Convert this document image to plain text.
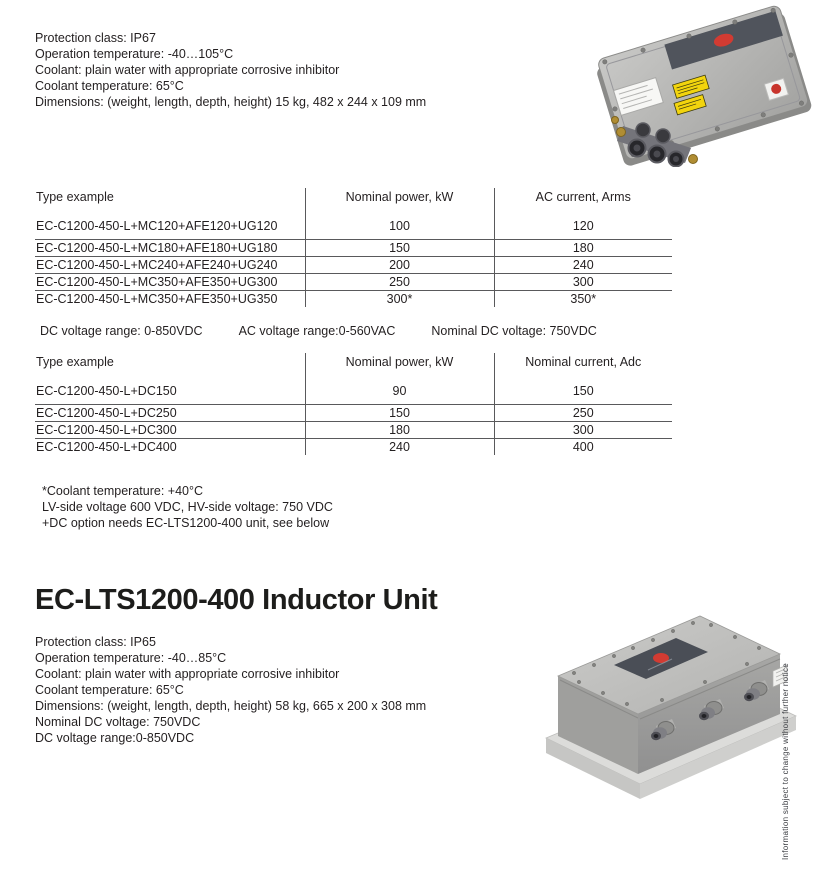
Protection class: IP67
Operation temperature: -40…105°C
Coolant: plain water with appropriate corrosive inhibitor
Coolant temperature: 65°C
Dimensions: (weight, length, depth, height) 15 kg, 482 x 244 x 109 mm
Type example	Nominal power, kW	AC current, Arms
EC-C1200-450-L+MC120+AFE120+UG120	100	120
EC-C1200-450-L+MC180+AFE180+UG180	150	180
EC-C1200-450-L+MC240+AFE240+UG240	200	240
EC-C1200-450-L+MC350+AFE350+UG300	250	300
EC-C1200-450-L+MC350+AFE350+UG350	300*	350*
DC voltage range: 0-850VDC	AC voltage range:0-560VAC	Nominal DC voltage: 750VDC
Type example	Nominal power, kW	Nominal current, Adc
EC-C1200-450-L+DC150	90	150
EC-C1200-450-L+DC250	150	250
EC-C1200-450-L+DC300	180	300
EC-C1200-450-L+DC400	240	400
*Coolant temperature: +40°C
LV-side voltage 600 VDC, HV-side voltage: 750 VDC
+DC option needs EC-LTS1200-400 unit, see below
EC-LTS1200-400 Inductor Unit
Protection class: IP65
Operation temperature: -40…85°C
Coolant: plain water with appropriate corrosive inhibitor
Coolant temperature: 65°C
Dimensions: (weight, length, depth, height) 58 kg, 665 x 200 x 308 mm
Nominal DC voltage: 750VDC
DC voltage range:0-850VDC	Information subject to change without further notice
